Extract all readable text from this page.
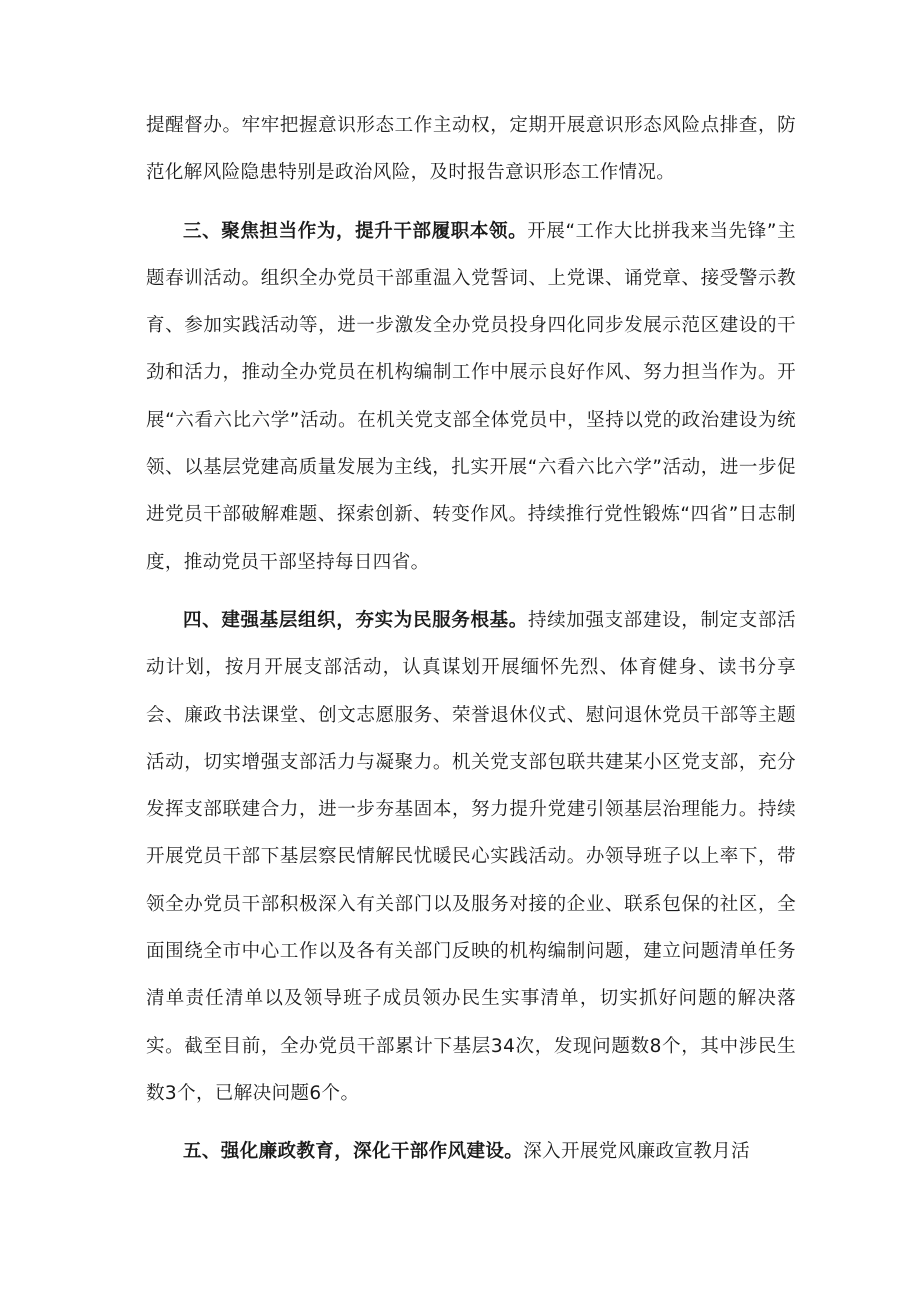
提醒督办。牢牢把握意识形态工作主动权，定期开展意识形态风险点排查，防范化解风险隐患特别是政治风险，及时报告意识形态工作情况。

三、聚焦担当作为，提升干部履职本领。开展“工作大比拼我来当先锋”主题春训活动。组织全办党员干部重温入党誓词、上党课、诵党章、接受警示教育、参加实践活动等，进一步激发全办党员投身四化同步发展示范区建设的干劲和活力，推动全办党员在机构编制工作中展示良好作风、努力担当作为。开展“六看六比六学”活动。在机关党支部全体党员中，坚持以党的政治建设为统领、以基层党建高质量发展为主线，扎实开展“六看六比六学”活动，进一步促进党员干部破解难题、探索创新、转变作风。持续推行党性锻炼“四省”日志制度，推动党员干部坚持每日四省。

四、建强基层组织，夯实为民服务根基。持续加强支部建设，制定支部活动计划，按月开展支部活动，认真谋划开展缅怀先烈、体育健身、读书分享会、廉政书法课堂、创文志愿服务、荣誉退休仪式、慰问退休党员干部等主题活动，切实增强支部活力与凝聚力。机关党支部包联共建某小区党支部，充分发挥支部联建合力，进一步夯基固本，努力提升党建引领基层治理能力。持续开展党员干部下基层察民情解民忧暖民心实践活动。办领导班子以上率下，带领全办党员干部积极深入有关部门以及服务对接的企业、联系包保的社区，全面围绕全市中心工作以及各有关部门反映的机构编制问题，建立问题清单任务清单责任清单以及领导班子成员领办民生实事清单，切实抓好问题的解决落实。截至目前，全办党员干部累计下基层34次，发现问题数8个，其中涉民生数3个，已解决问题6个。

五、强化廉政教育，深化干部作风建设。深入开展党风廉政宣教月活
